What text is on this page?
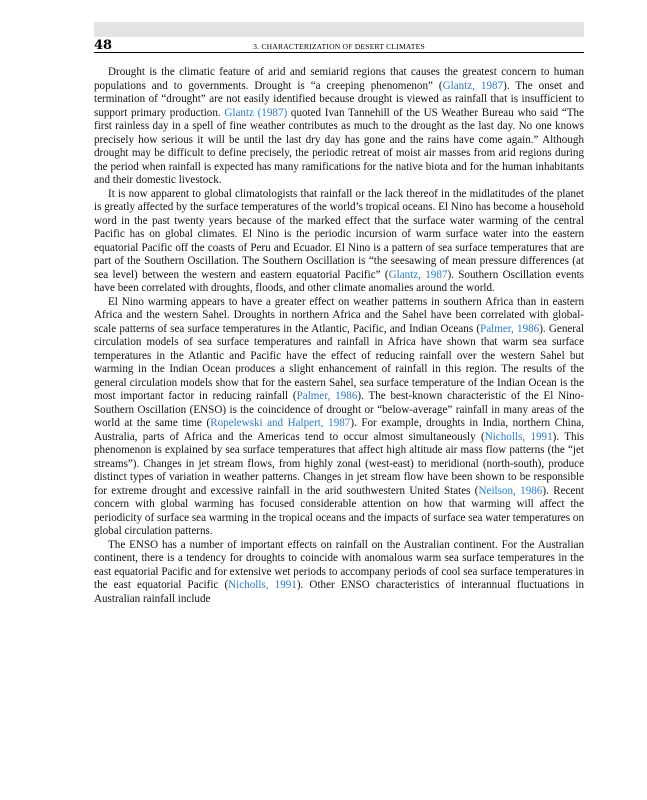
48	3. CHARACTERIZATION OF DESERT CLIMATES

Drought is the climatic feature of arid and semiarid regions that causes the greatest concern to human populations and to governments. Drought is “a creeping phenomenon” (Glantz, 1987). The onset and termination of “drought” are not easily identified because drought is viewed as rainfall that is insufficient to support primary production. Glantz (1987) quoted Ivan Tannehill of the US Weather Bureau who said “The first rainless day in a spell of fine weather contributes as much to the drought as the last day. No one knows precisely how serious it will be until the last dry day has gone and the rains have come again.” Although drought may be difficult to define precisely, the periodic retreat of moist air masses from arid regions during the period when rainfall is expected has many ramifications for the native biota and for the human inhabitants and their domestic livestock.

It is now apparent to global climatologists that rainfall or the lack thereof in the midlatitudes of the planet is greatly affected by the surface temperatures of the world’s tropical oceans. El Nino has become a household word in the past twenty years because of the marked effect that the surface water warming of the central Pacific has on global climates. El Nino is the periodic incursion of warm surface water into the eastern equatorial Pacific off the coasts of Peru and Ecuador. El Nino is a pattern of sea surface temperatures that are part of the Southern Oscillation. The Southern Oscillation is “the seesawing of mean pressure differences (at sea level) between the western and eastern equatorial Pacific” (Glantz, 1987). Southern Oscillation events have been correlated with droughts, floods, and other climate anomalies around the world.

El Nino warming appears to have a greater effect on weather patterns in southern Africa than in eastern Africa and the western Sahel. Droughts in northern Africa and the Sahel have been correlated with global-scale patterns of sea surface temperatures in the Atlantic, Pacific, and Indian Oceans (Palmer, 1986). General circulation models of sea surface temperatures and rainfall in Africa have shown that warm sea surface temperatures in the Atlantic and Pacific have the effect of reducing rainfall over the western Sahel but warming in the Indian Ocean produces a slight enhancement of rainfall in this region. The results of the general circulation models show that for the eastern Sahel, sea surface temperature of the Indian Ocean is the most important factor in reducing rainfall (Palmer, 1986). The best-known characteristic of the El Nino-Southern Oscillation (ENSO) is the coincidence of drought or “below-average” rainfall in many areas of the world at the same time (Ropelewski and Halpert, 1987). For example, droughts in India, northern China, Australia, parts of Africa and the Americas tend to occur almost simultaneously (Nicholls, 1991). This phenomenon is explained by sea surface temperatures that affect high altitude air mass flow patterns (the “jet streams”). Changes in jet stream flows, from highly zonal (west-east) to meridional (north-south), produce distinct types of variation in weather patterns. Changes in jet stream flow have been shown to be responsible for extreme drought and excessive rainfall in the arid southwestern United States (Neilson, 1986). Recent concern with global warming has focused considerable attention on how that warming will affect the periodicity of surface sea warming in the tropical oceans and the impacts of surface sea water temperatures on global circulation patterns.

The ENSO has a number of important effects on rainfall on the Australian continent. For the Australian continent, there is a tendency for droughts to coincide with anomalous warm sea surface temperatures in the east equatorial Pacific and for extensive wet periods to accompany periods of cool sea surface temperatures in the east equatorial Pacific (Nicholls, 1991). Other ENSO characteristics of interannual fluctuations in Australian rainfall include
